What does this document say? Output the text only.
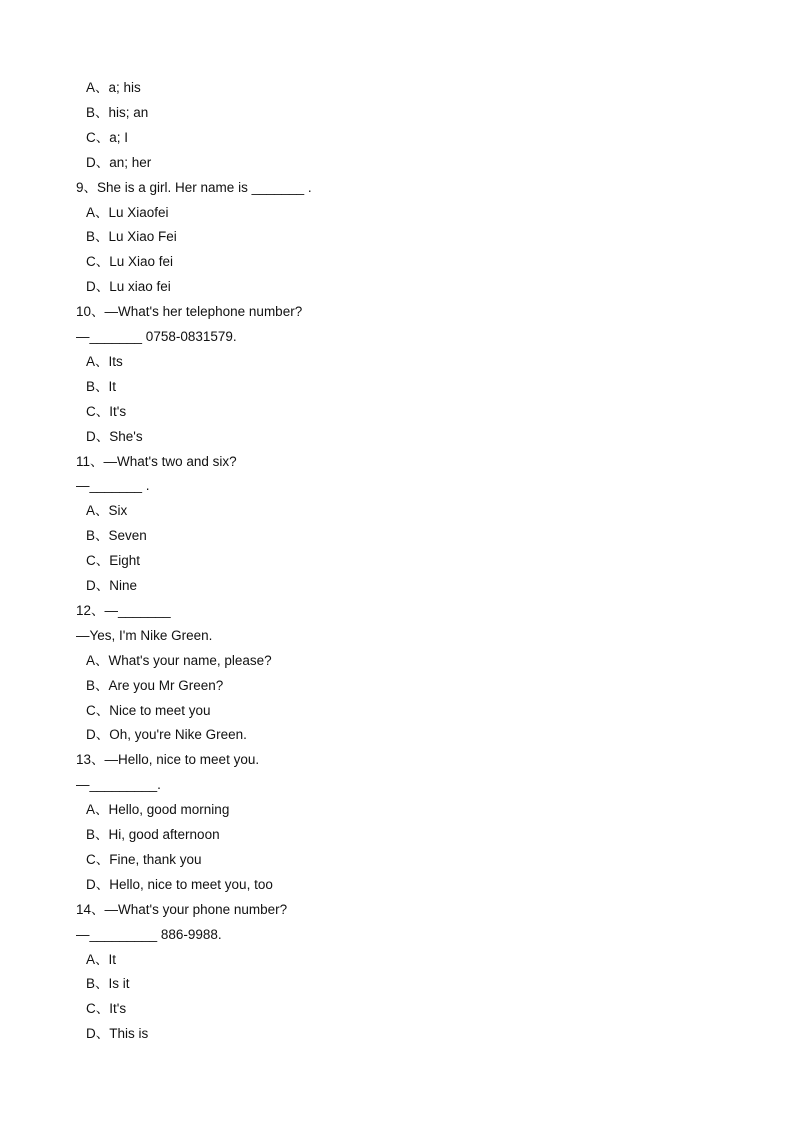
A、a; his
B、his; an
C、a; I
D、an; her
9、She is a girl. Her name is _______ .
A、Lu Xiaofei
B、Lu Xiao Fei
C、Lu Xiao fei
D、Lu xiao fei
10、—What's her telephone number?
—_______ 0758-0831579.
A、Its
B、It
C、It's
D、She's
11、—What's two and six?
—_______ .
A、Six
B、Seven
C、Eight
D、Nine
12、—_______
—Yes, I'm Nike Green.
A、What's your name, please?
B、Are you Mr Green?
C、Nice to meet you
D、Oh, you're Nike Green.
13、—Hello, nice to meet you.
—_________.
A、Hello, good morning
B、Hi, good afternoon
C、Fine, thank you
D、Hello, nice to meet you, too
14、—What's your phone number?
—_________ 886-9988.
A、It
B、Is it
C、It's
D、This is
